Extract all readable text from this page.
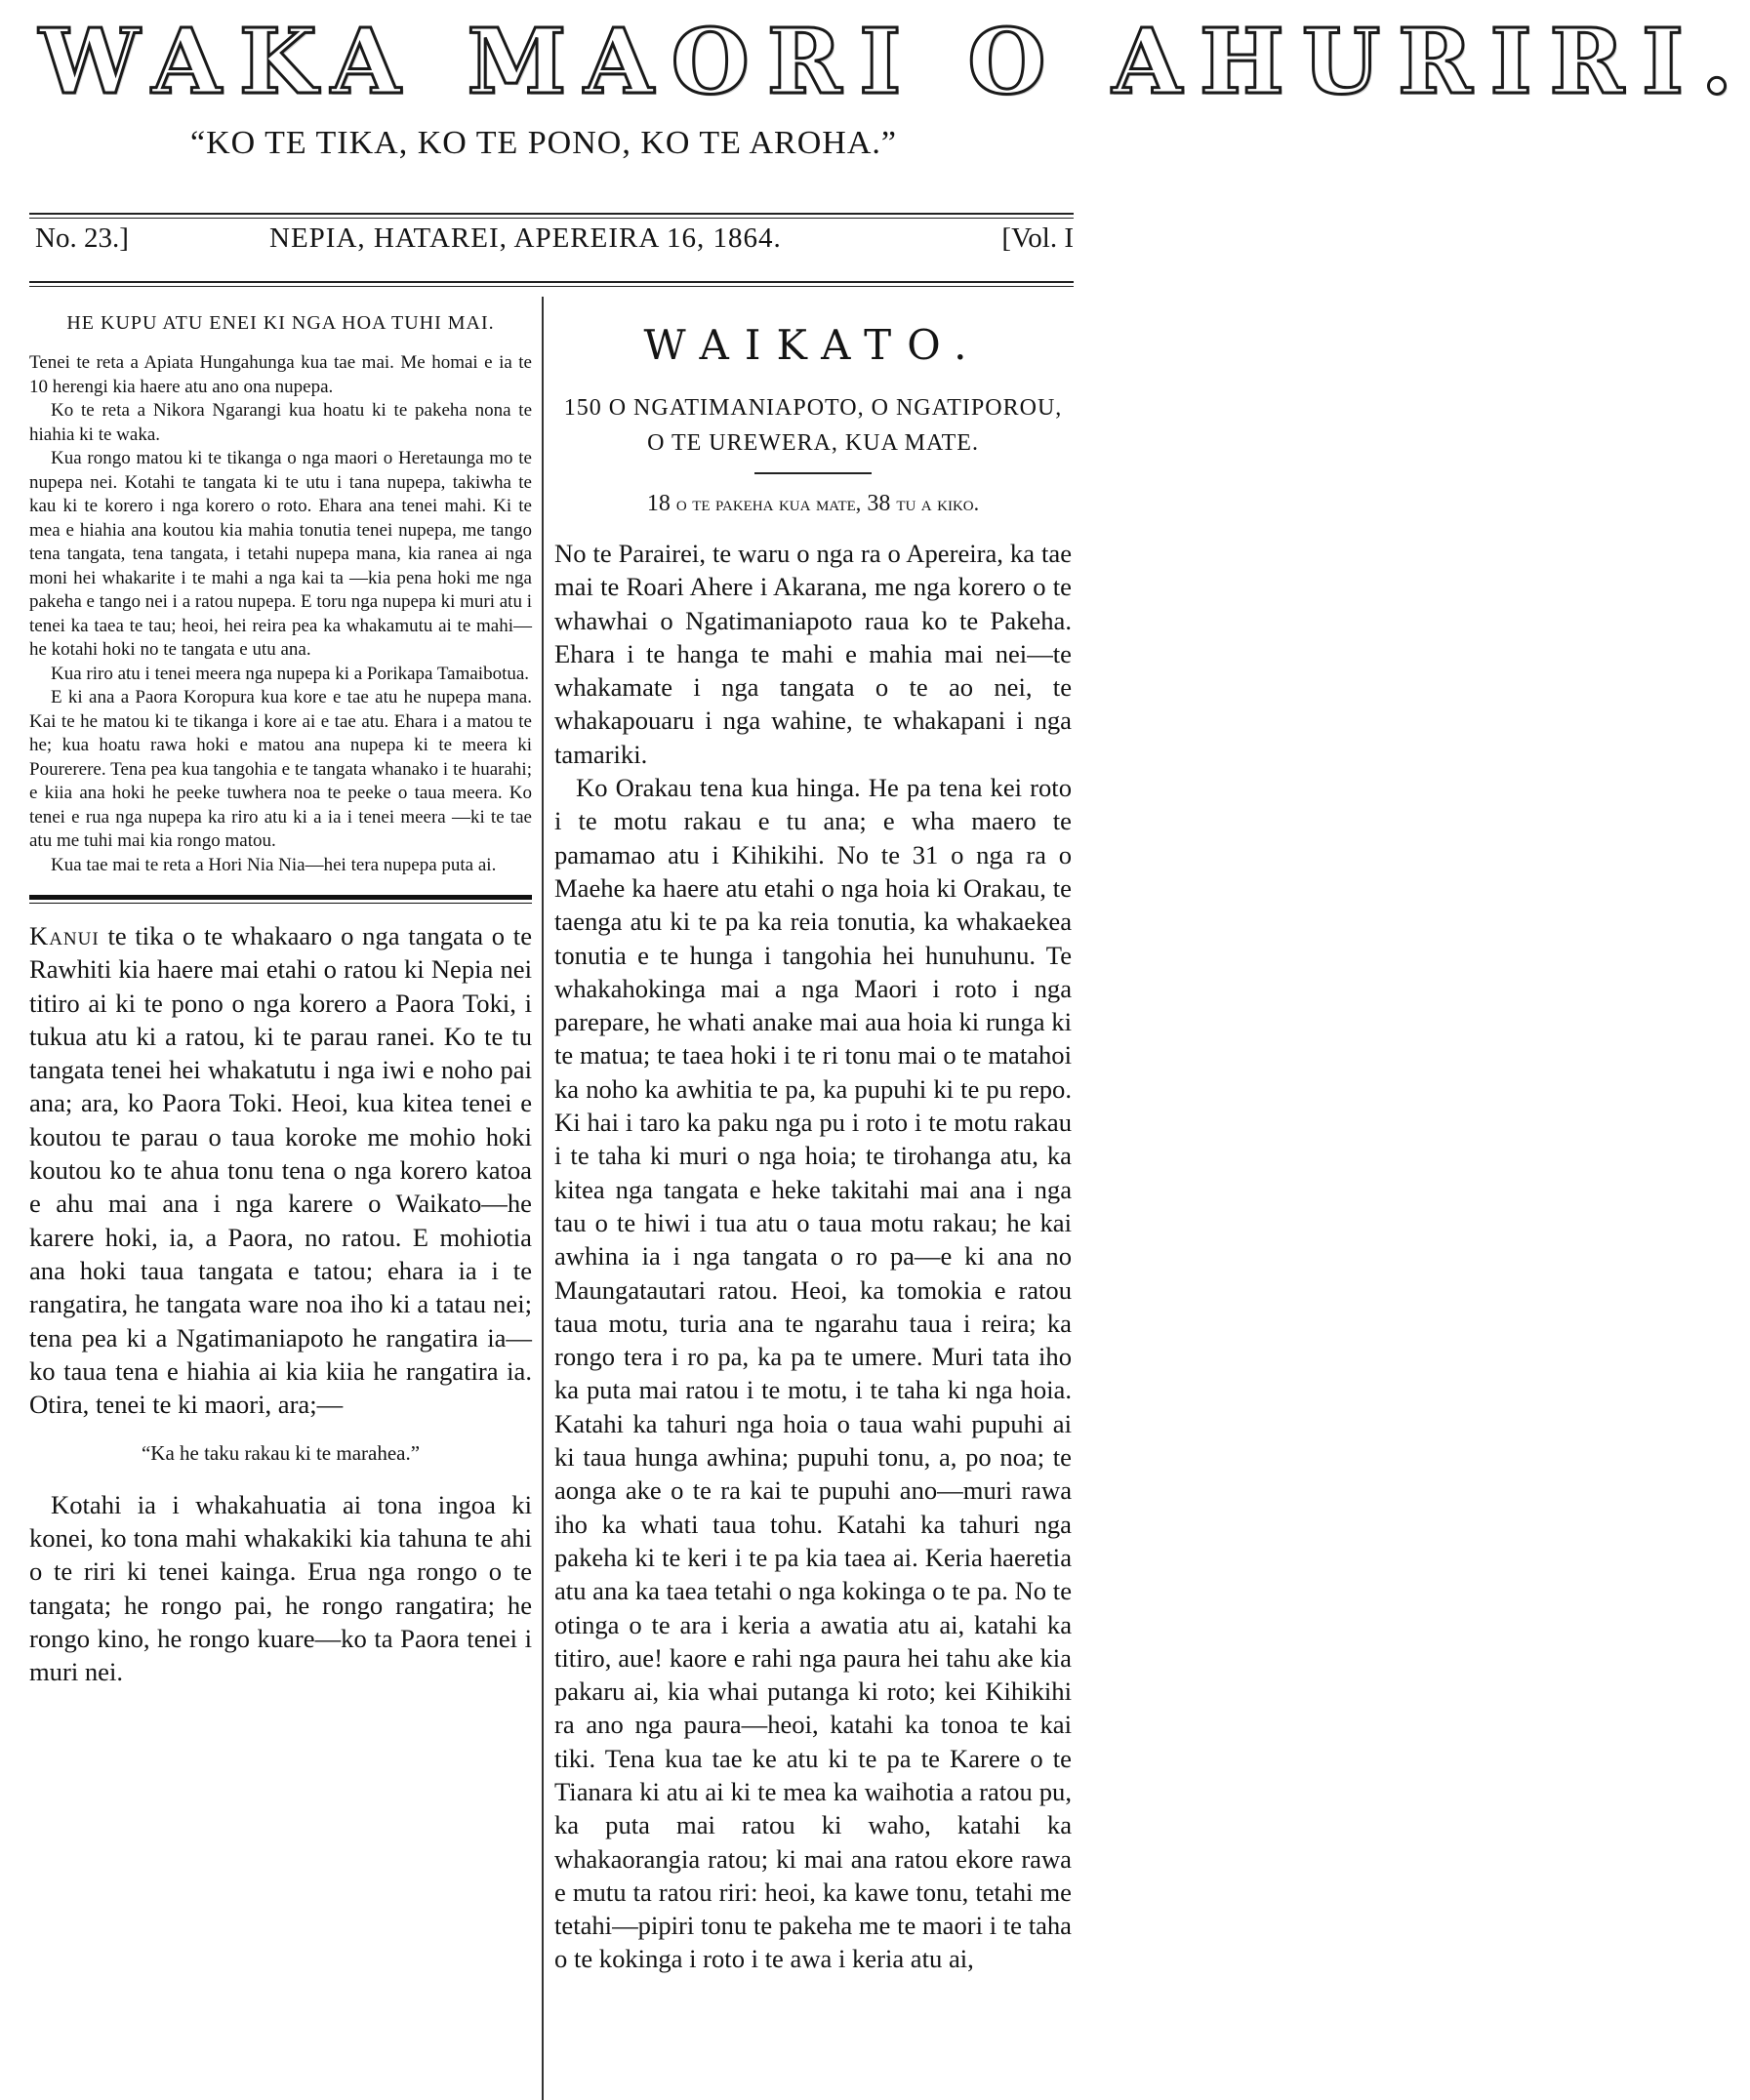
WAKA MAORI O AHURIRI.
“KO TE TIKA, KO TE PONO, KO TE AROHA.”
No. 23.]	NEPIA, HATAREI, APEREIRA 16, 1864.	[Vol. I
HE KUPU ATU ENEI KI NGA HOA TUHI MAI.

Tenei te reta a Apiata Hungahunga kua tae mai. Me homai e ia te 10 herengi kia haere atu ano ona nupepa.

Ko te reta a Nikora Ngarangi kua hoatu ki te pakeha nona te hiahia ki te waka.

Kua rongo matou ki te tikanga o nga maori o Heretaunga mo te nupepa nei. Kotahi te tangata ki te utu i tana nupepa, takiwha te kau ki te korero i nga korero o roto. Ehara ana tenei mahi. Ki te mea e hiahia ana koutou kia mahia tonutia tenei nupepa, me tango tena tangata, tena tangata, i tetahi nupepa mana, kia ranea ai nga moni hei whakarite i te mahi a nga kai ta —kia pena hoki me nga pakeha e tango nei i a ratou nupepa. E toru nga nupepa ki muri atu i tenei ka taea te tau; heoi, hei reira pea ka whakamutu ai te mahi—he kotahi hoki no te tangata e utu ana.

Kua riro atu i tenei meera nga nupepa ki a Porikapa Tamaibotua.

E ki ana a Paora Koropura kua kore e tae atu he nupepa mana. Kai te he matou ki te tikanga i kore ai e tae atu. Ehara i a matou te he; kua hoatu rawa hoki e matou ana nupepa ki te meera ki Pourerere. Tena pea kua tangohia e te tangata whanako i te huarahi; e kiia ana hoki he peeke tuwhera noa te peeke o taua meera. Ko tenei e rua nga nupepa ka riro atu ki a ia i tenei meera —ki te tae atu me tuhi mai kia rongo matou.

Kua tae mai te reta a Hori Nia Nia—hei tera nupepa puta ai.

Kanui te tika o te whakaaro o nga tangata o te Rawhiti kia haere mai etahi o ratou ki Nepia nei titiro ai ki te pono o nga korero a Paora Toki, i tukua atu ki a ratou, ki te parau ranei. Ko te tu tangata tenei hei whakatutu i nga iwi e noho pai ana; ara, ko Paora Toki. Heoi, kua kitea tenei e koutou te parau o taua koroke me mohio hoki koutou ko te ahua tonu tena o nga korero katoa e ahu mai ana i nga karere o Waikato—he karere hoki, ia, a Paora, no ratou. E mohiotia ana hoki taua tangata e tatou; ehara ia i te rangatira, he tangata ware noa iho ki a tatau nei; tena pea ki a Ngatimaniapoto he rangatira ia—ko taua tena e hiahia ai kia kiia he rangatira ia. Otira, tenei te ki maori, ara;—

“Ka he taku rakau ki te marahea.”

Kotahi ia i whakahuatia ai tona ingoa ki konei, ko tona mahi whakakiki kia tahuna te ahi o te riri ki tenei kainga. Erua nga rongo o te tangata; he rongo pai, he rongo rangatira; he rongo kino, he rongo kuare—ko ta Paora tenei i muri nei.

WAIKATO.
150 O NGATIMANIAPOTO, O NGATIPOROU, O TE UREWERA, KUA MATE.
18 o te pakeha kua mate, 38 tu a kiko.

No te Parairei, te waru o nga ra o Apereira, ka tae mai te Roari Ahere i Akarana, me nga korero o te whawhai o Ngatimaniapoto raua ko te Pakeha. Ehara i te hanga te mahi e mahia mai nei—te whakamate i nga tangata o te ao nei, te whakapouaru i nga wahine, te whakapani i nga tamariki.

Ko Orakau tena kua hinga. He pa tena kei roto i te motu rakau e tu ana; e wha maero te pamamao atu i Kihikihi. No te 31 o nga ra o Maehe ka haere atu etahi o nga hoia ki Orakau, te taenga atu ki te pa ka reia tonutia, ka whakaekea tonutia e te hunga i tangohia hei hunuhunu. Te whakahokinga mai a nga Maori i roto i nga parepare, he whati anake mai aua hoia ki runga ki te matua; te taea hoki i te ri tonu mai o te matahoi ka noho ka awhitia te pa, ka pupuhi ki te pu repo. Ki hai i taro ka paku nga pu i roto i te motu rakau i te taha ki muri o nga hoia; te tirohanga atu, ka kitea nga tangata e heke takitahi mai ana i nga tau o te hiwi i tua atu o taua motu rakau; he kai awhina ia i nga tangata o ro pa—e ki ana no Maungatautari ratou. Heoi, ka tomokia e ratou taua motu, turia ana te ngarahu taua i reira; ka rongo tera i ro pa, ka pa te umere. Muri tata iho ka puta mai ratou i te motu, i te taha ki nga hoia. Katahi ka tahuri nga hoia o taua wahi pupuhi ai ki taua hunga awhina; pupuhi tonu, a, po noa; te aonga ake o te ra kai te pupuhi ano—muri rawa iho ka whati taua tohu. Katahi ka tahuri nga pakeha ki te keri i te pa kia taea ai. Keria haeretia atu ana ka taea tetahi o nga kokinga o te pa. No te otinga o te ara i keria a awatia atu ai, katahi ka titiro, aue! kaore e rahi nga paura hei tahu ake kia pakaru ai, kia whai putanga ki roto; kei Kihikihi ra ano nga paura—heoi, katahi ka tonoa te kai tiki. Tena kua tae ke atu ki te pa te Karere o te Tianara ki atu ai ki te mea ka waihotia a ratou pu, ka puta mai ratou ki waho, katahi ka whakaorangia ratou; ki mai ana ratou ekore rawa e mutu ta ratou riri: heoi, ka kawe tonu, tetahi me tetahi—pipiri tonu te pakeha me te maori i te taha o te kokinga i roto i te awa i keria atu ai,
